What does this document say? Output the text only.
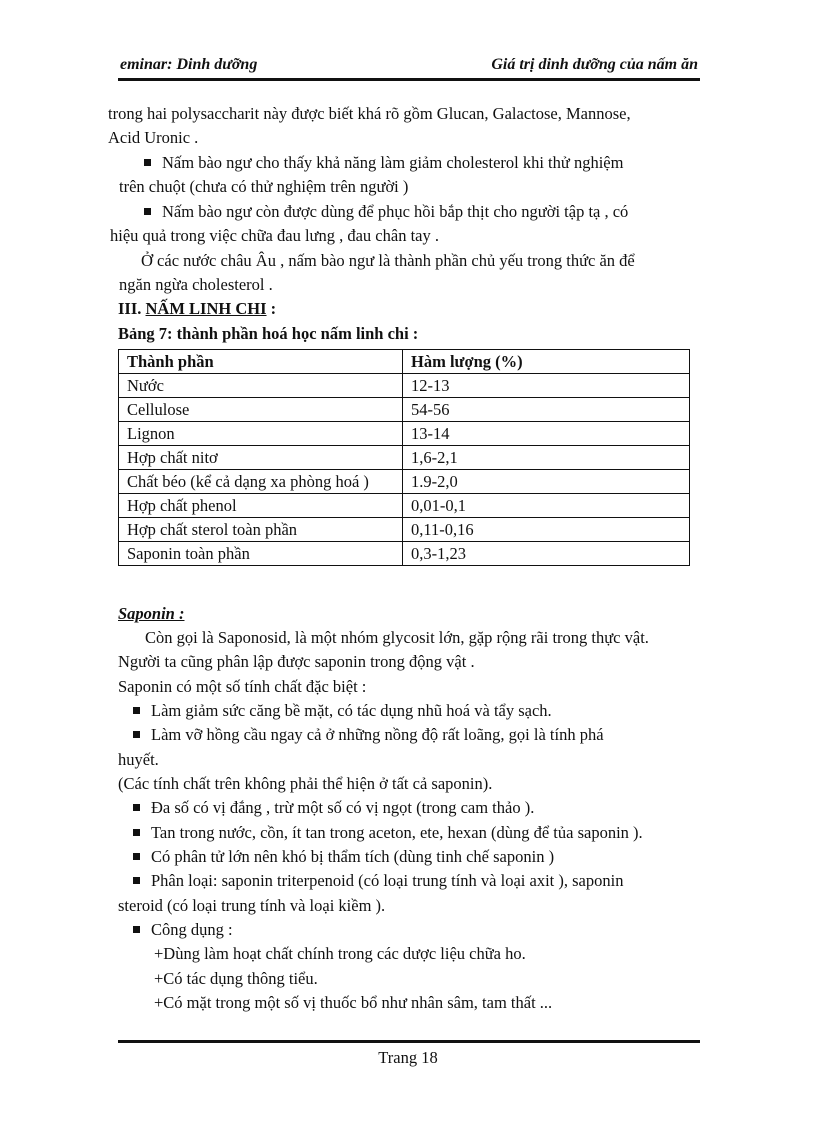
eminar: Dinh dưỡng	Giá trị dinh dưỡng của nấm ăn
trong hai polysaccharit này được biết khá rõ gồm Glucan, Galactose, Mannose,
Acid Uronic .
Nấm bào ngư cho thấy khả năng làm giảm cholesterol khi thử nghiệm
trên chuột (chưa có thử nghiệm trên người )
Nấm bào ngư còn được dùng để phục hồi bắp thịt cho người tập tạ , có
hiệu quả trong việc chữa đau lưng , đau chân tay .
Ở các nước châu Âu , nấm bào ngư là thành phần chủ yếu trong thức ăn để
ngăn ngừa cholesterol .
III. NẤM LINH CHI :
Bảng 7: thành phần hoá học nấm linh chi :
Thành phần	Hàm lượng (%)
Nước	12-13
Cellulose	54-56
Lignon	13-14
Hợp chất nitơ	1,6-2,1
Chất béo (kể cả dạng xa phòng hoá )	1.9-2,0
Hợp chất phenol	0,01-0,1
Hợp chất sterol toàn phần	0,11-0,16
Saponin toàn phần	0,3-1,23
Saponin :
Còn gọi là Saponosid, là một nhóm glycosit lớn, gặp rộng rãi trong thực vật.
Người ta cũng phân lập được saponin trong động vật .
Saponin có một số tính chất đặc biệt :
Làm giảm sức căng bề mặt, có tác dụng nhũ hoá và tẩy sạch.
Làm vỡ hồng cầu ngay cả ở những nồng độ rất loãng, gọi là tính phá
huyết.
(Các tính chất trên không phải thể hiện ở tất cả saponin).
Đa số có vị đắng , trừ một số có vị ngọt (trong cam thảo ).
Tan trong nước, cồn, ít tan trong aceton, ete, hexan (dùng để tủa saponin ).
Có phân tử lớn nên khó bị thẩm tích (dùng tinh chế saponin )
Phân loại: saponin triterpenoid (có loại trung tính và loại axit ), saponin
steroid (có loại trung tính và loại kiềm ).
Công dụng :
+Dùng làm hoạt chất chính trong các dược liệu chữa ho.
+Có tác dụng thông tiểu.
+Có mặt trong một số vị thuốc bổ như nhân sâm, tam thất ...
Trang 18
